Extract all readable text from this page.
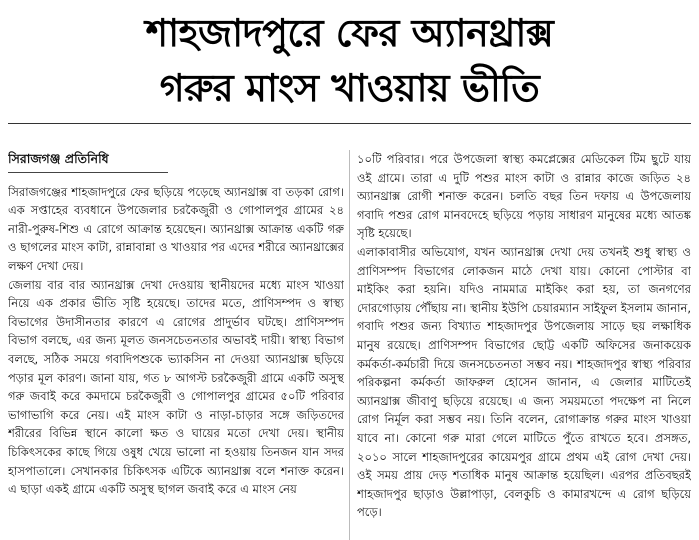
শাহজাদপুরে ফের অ্যানথ্রাক্স
গরুর মাংস খাওয়ায় ভীতি
সিরাজগঞ্জ প্রতিনিধি

সিরাজগঞ্জের শাহজাদপুরে ফের ছড়িয়ে পড়েছে অ্যানথ্রাক্স বা তড়কা রোগ। এক সপ্তাহের ব্যবধানে উপজেলার চরকৈজুরী ও গোপালপুর গ্রামের ২৪ নারী-পুরুষ-শিশু এ রোগে আক্রান্ত হয়েছেন। অ্যানথ্রাক্স আক্রান্ত একটি গরু ও ছাগলের মাংস কাটা, রান্নাবান্না ও খাওয়ার পর এদের শরীরে অ্যানথ্রাক্সের লক্ষণ দেখা দেয়।

জেলায় বার বার অ্যানথ্রাক্স দেখা দেওয়ায় স্থানীয়দের মধ্যে মাংস খাওয়া নিয়ে এক প্রকার ভীতি সৃষ্টি হয়েছে। তাদের মতে, প্রাণিসম্পদ ও স্বাস্থ্য বিভাগের উদাসীনতার কারণে এ রোগের প্রাদুর্ভাব ঘটছে। প্রাণিসম্পদ বিভাগ বলছে, এর জন্য মূলত জনসচেতনতার অভাবই দায়ী। স্বাস্থ্য বিভাগ বলছে, সঠিক সময়ে গবাদিপশুকে ভ্যাকসিন না দেওয়া অ্যানথ্রাক্স ছড়িয়ে পড়ার মূল কারণ। জানা যায়, গত ৮ আগস্ট চরকৈজুরী গ্রামে একটি অসুস্থ গরু জবাই করে কমদামে চরকৈজুরী ও গোপালপুর গ্রামের ৫০টি পরিবার ভাগাভাগি করে নেয়। এই মাংস কাটা ও নাড়া-চাড়ার সঙ্গে জড়িতদের শরীরের বিভিন্ন স্থানে কালো ক্ষত ও ঘায়ের মতো দেখা দেয়। স্থানীয় চিকিৎসকের কাছে গিয়ে ওষুধ খেয়ে ভালো না হওয়ায় তিনজন যান সদর হাসপাতালে। সেখানকার চিকিৎসক এটিকে অ্যানথ্রাক্স বলে শনাক্ত করেন। এ ছাড়া একই গ্রামে একটি অসুস্থ ছাগল জবাই করে এ মাংস নেয়

১০টি পরিবার। পরে উপজেলা স্বাস্থ্য কমপ্লেক্সের মেডিকেল টিম ছুটে যায় ওই গ্রামে। তারা এ দুটি পশুর মাংস কাটা ও রান্নার কাজে জড়িত ২৪ অ্যানথ্রাক্স রোগী শনাক্ত করেন। চলতি বছর তিন দফায় এ উপজেলায় গবাদি পশুর রোগ মানবদেহে ছড়িয়ে পড়ায় সাধারণ মানুষের মধ্যে আতঙ্ক সৃষ্টি হয়েছে।

এলাকাবাসীর অভিযোগ, যখন অ্যানথ্রাক্স দেখা দেয় তখনই শুধু স্বাস্থ্য ও প্রাণিসম্পদ বিভাগের লোকজন মাঠে দেখা যায়। কোনো পোস্টার বা মাইকিং করা হয়নি। যদিও নামমাত্র মাইকিং করা হয়, তা জনগণের দোরগোড়ায় পৌঁছায় না। স্থানীয় ইউপি চেয়ারম্যান সাইফুল ইসলাম জানান, গবাদি পশুর জন্য বিখ্যাত শাহজাদপুর উপজেলায় সাড়ে ছয় লক্ষাধিক মানুষ রয়েছে। প্রাণিসম্পদ বিভাগের ছোট্ট একটি অফিসের জনাকয়েক কর্মকর্তা-কর্মচারী দিয়ে জনসচেতনতা সম্ভব নয়। শাহজাদপুর স্বাস্থ্য পরিবার পরিকল্পনা কর্মকর্তা জাফরুল হোসেন জানান, এ জেলার মাটিতেই অ্যানথ্রাক্স জীবাণু ছড়িয়ে রয়েছে। এ জন্য সময়মতো পদক্ষেপ না নিলে রোগ নির্মূল করা সম্ভব নয়। তিনি বলেন, রোগাক্রান্ত গরুর মাংস খাওয়া যাবে না। কোনো গরু মারা গেলে মাটিতে পুঁতে রাখতে হবে। প্রসঙ্গত, ২০১০ সালে শাহজাদপুরের কায়েমপুর গ্রামে প্রথম এই রোগ দেখা দেয়। ওই সময় প্রায় দেড় শতাধিক মানুষ আক্রান্ত হয়েছিল। এরপর প্রতিবছরই শাহজাদপুর ছাড়াও উল্লাপাড়া, বেলকুচি ও কামারখন্দে এ রোগ ছড়িয়ে পড়ে।
